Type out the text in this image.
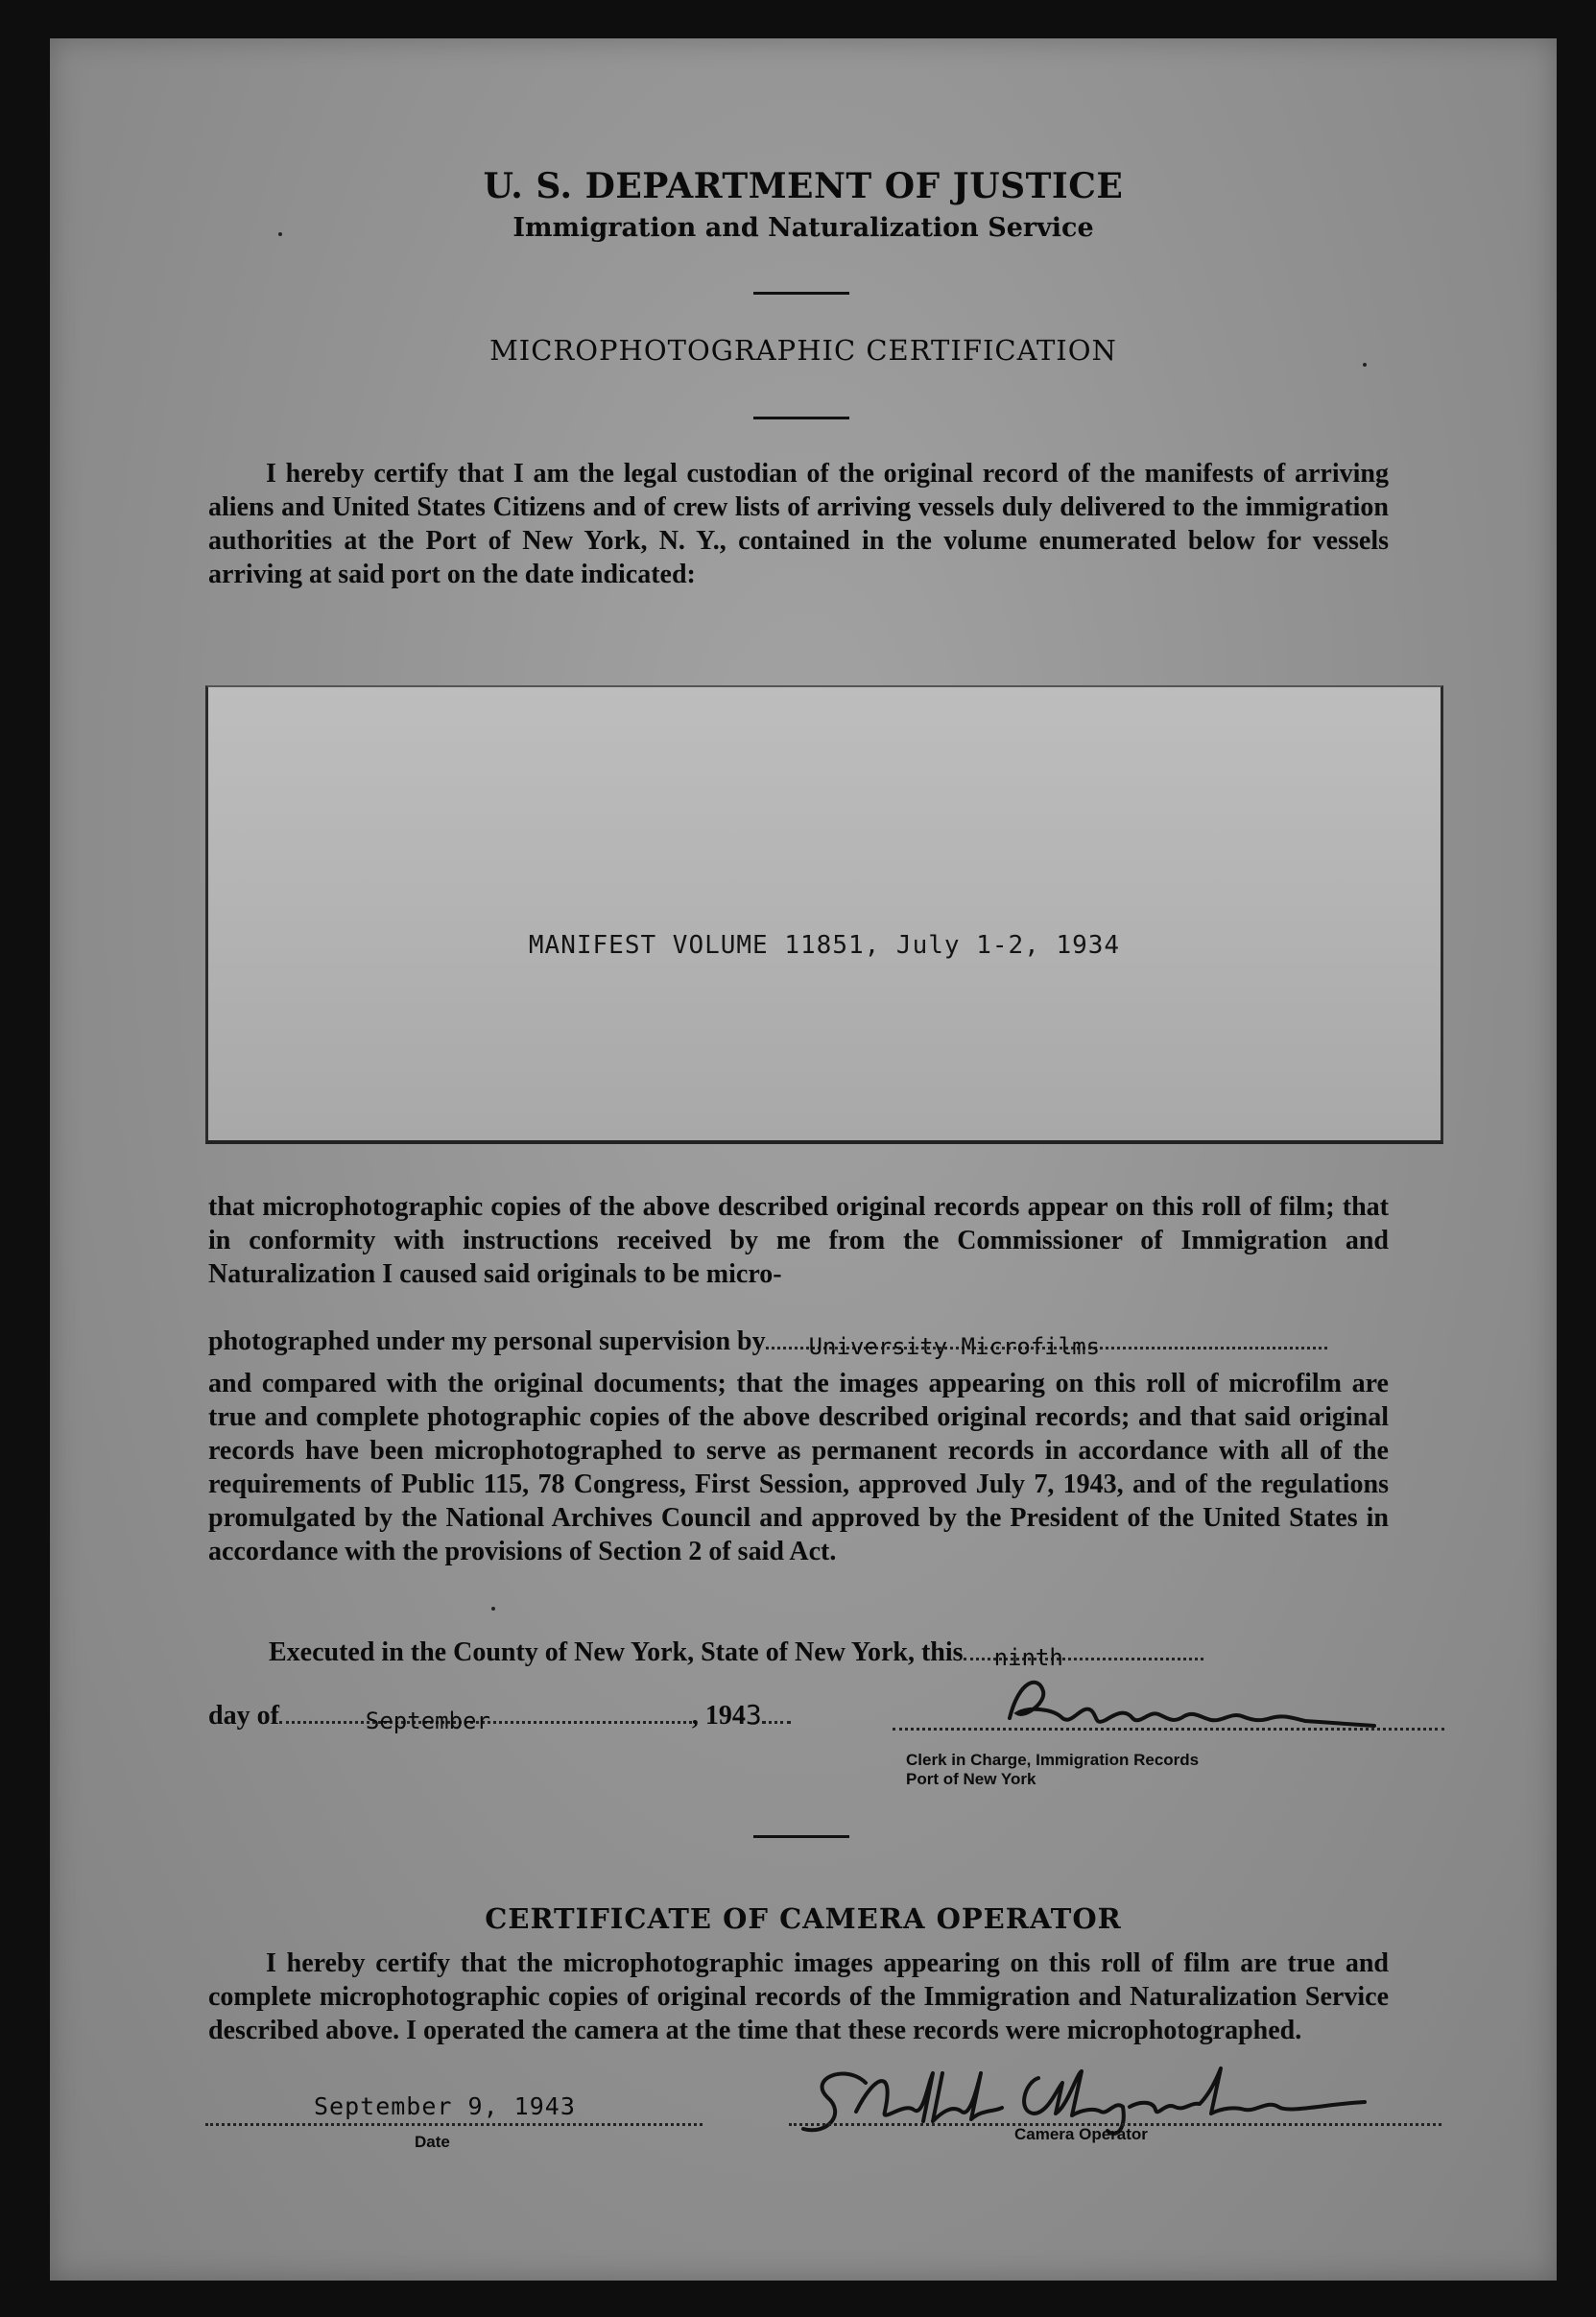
U. S. DEPARTMENT OF JUSTICE
Immigration and Naturalization Service
MICROPHOTOGRAPHIC CERTIFICATION
I hereby certify that I am the legal custodian of the original record of the manifests of arriving aliens and United States Citizens and of crew lists of arriving vessels duly delivered to the immigration authorities at the Port of New York, N. Y., contained in the volume enumerated below for vessels arriving at said port on the date indicated:
MANIFEST VOLUME 11851, July 1-2, 1934
that microphotographic copies of the above described original records appear on this roll of film; that in conformity with instructions received by me from the Commissioner of Immigration and Naturalization I caused said originals to be micro-
photographed under my personal supervision by University Microfilms
and compared with the original documents; that the images appearing on this roll of microfilm are true and complete photographic copies of the above described original records; and that said original records have been microphotographed to serve as permanent records in accordance with all of the requirements of Public 115, 78 Congress, First Session, approved July 7, 1943, and of the regulations promulgated by the National Archives Council and approved by the President of the United States in accordance with the provisions of Section 2 of said Act.
Executed in the County of New York, State of New York, this ninth
day of	September	, 1943
Clerk in Charge, Immigration Records
Port of New York
CERTIFICATE OF CAMERA OPERATOR
I hereby certify that the microphotographic images appearing on this roll of film are true and complete microphotographic copies of original records of the Immigration and Naturalization Service described above. I operated the camera at the time that these records were microphotographed.
September 9, 1943
Date	Camera Operator
